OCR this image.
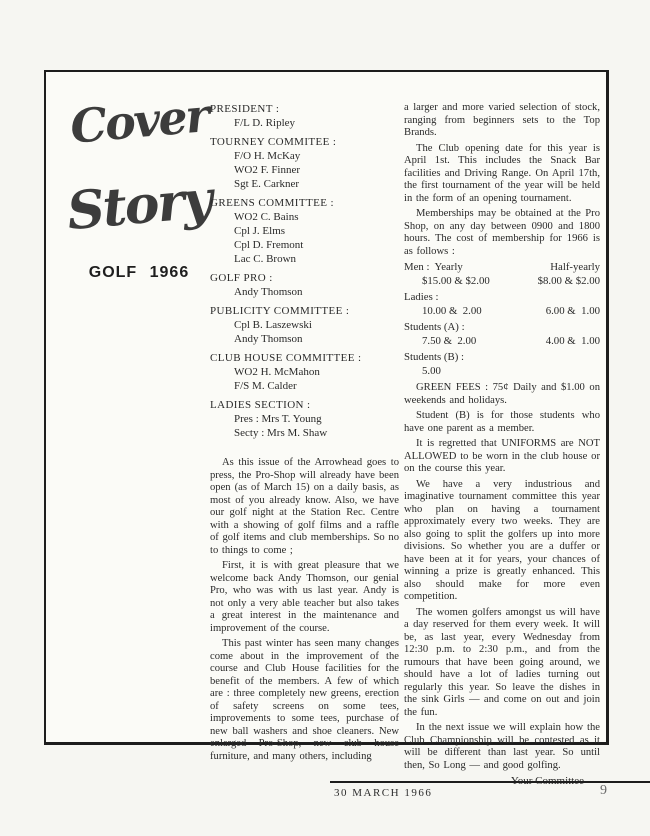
Cover
Story
GOLF 1966
PRESIDENT :
F/L D. Ripley
TOURNEY COMMITEE :
F/O H. McKay
WO2 F. Finner
Sgt E. Carkner
GREENS COMMITTEE :
WO2 C. Bains
Cpl J. Elms
Cpl D. Fremont
Lac C. Brown
GOLF PRO :
Andy Thomson
PUBLICITY COMMITTEE :
Cpl B. Laszewski
Andy Thomson
CLUB HOUSE COMMITTEE :
WO2 H. McMahon
F/S M. Calder
LADIES SECTION :
Pres : Mrs T. Young
Secty : Mrs M. Shaw

As this issue of the Arrowhead goes to press, the Pro-Shop will already have been open (as of March 15) on a daily basis, as most of you already know. Also, we have our golf night at the Station Rec. Centre with a showing of golf films and a raffle of golf items and club memberships. So no to things to come ;

First, it is with great pleasure that we welcome back Andy Thomson, our genial Pro, who was with us last year. Andy is not only a very able teacher but also takes a great interest in the maintenance and improvement of the course.

This past winter has seen many changes come about in the improvement of the course and Club House facilities for the benefit of the members. A few of which are : three completely new greens, erection of safety screens on some tees, improvements to some tees, purchase of new ball washers and shoe cleaners. New enlarged Pro-Shop, new club house furniture, and many others, including

a larger and more varied selection of stock, ranging from beginners sets to the Top Brands.

The Club opening date for this year is April 1st. This includes the Snack Bar facilities and Driving Range. On April 17th, the first tournament of the year will be held in the form of an opening tournament.

Memberships may be obtained at the Pro Shop, on any day between 0900 and 1800 hours. The cost of membership for 1966 is as follows :

Men :  Yearly	Half-yearly
$15.00 & $2.00	$8.00 & $2.00
Ladies :
10.00 &  2.00	6.00 &  1.00
Students (A) :
7.50 &  2.00	4.00 &  1.00
Students (B) :
5.00

GREEN FEES : 75¢ Daily and $1.00 on weekends and holidays.

Student (B) is for those students who have one parent as a member.

It is regretted that UNIFORMS are NOT ALLOWED to be worn in the club house or on the course this year.

We have a very industrious and imaginative tournament committee this year who plan on having a tournament approximately every two weeks. They are also going to split the golfers up into more divisions. So whether you are a duffer or have been at it for years, your chances of winning a prize is greatly enhanced. This also should make for more even competition.

The women golfers amongst us will have a day reserved for them every week. It will be, as last year, every Wednesday from 12:30 p.m. to 2:30 p.m., and from the rumours that have been going around, we should have a lot of ladies turning out regularly this year. So leave the dishes in the sink Girls — and come on out and join the fun.

In the next issue we will explain how the Club Championship will be contested as it will be different than last year. So until then, So Long — and good golfing.

30 MARCH 1966	9
